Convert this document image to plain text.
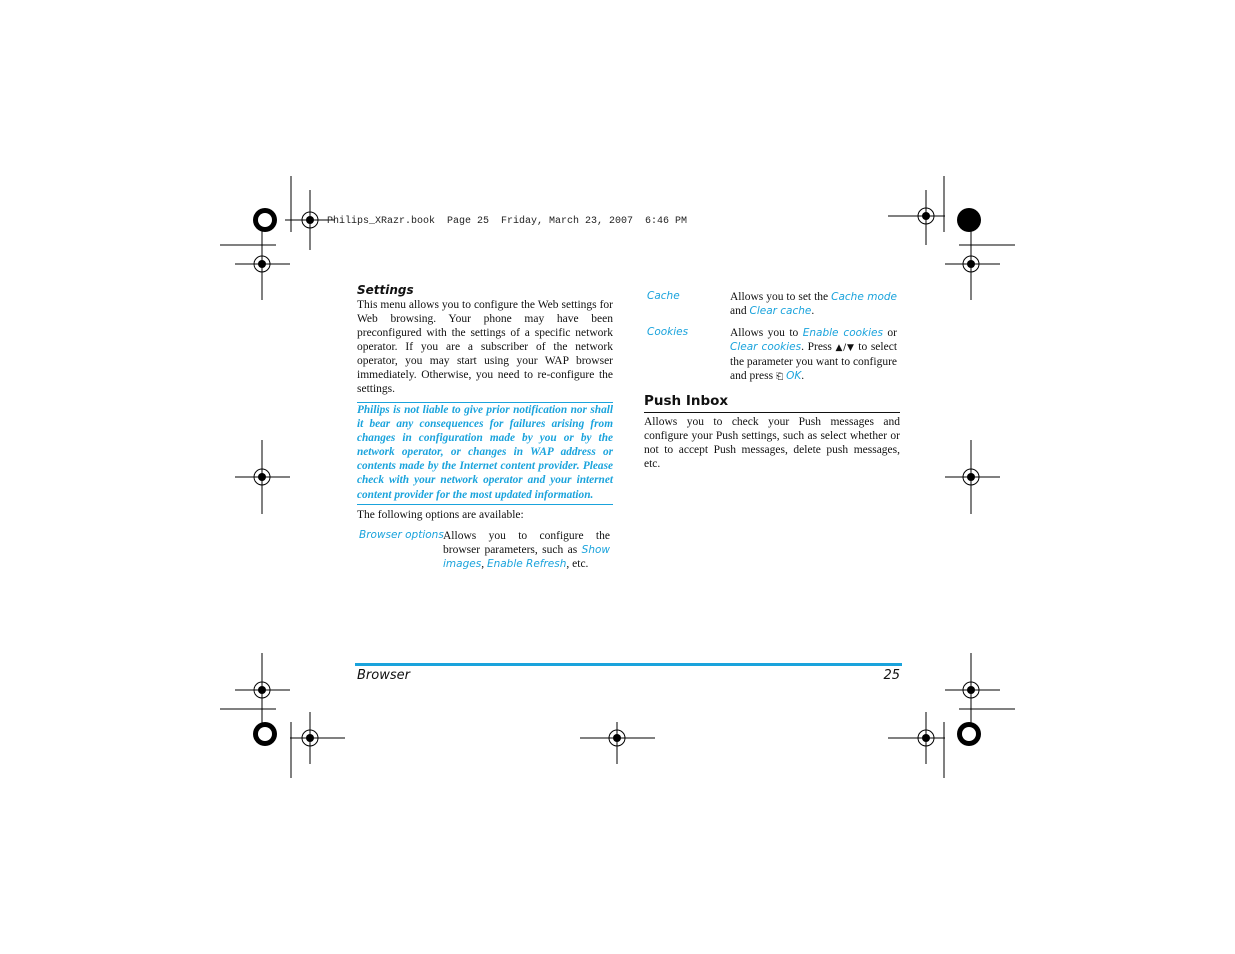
Philips_XRazr.book  Page 25  Friday, March 23, 2007  6:46 PM
Settings
This menu allows you to configure the Web settings for Web browsing. Your phone may have been preconfigured with the settings of a specific network operator. If you are a subscriber of the network operator, you may start using your WAP browser immediately. Otherwise, you need to re-configure the settings.
Philips is not liable to give prior notification nor shall it bear any consequences for failures arising from changes in configuration made by you or by the network operator, or changes in WAP address or contents made by the Internet content provider. Please check with your network operator and your internet content provider for the most updated information.
The following options are available:
Browser options Allows you to configure the browser parameters, such as Show images, Enable Refresh, etc.
Cache	Allows you to set the Cache mode and Clear cache.
Cookies	Allows you to Enable cookies or Clear cookies. Press ▲/▼ to select the parameter you want to configure and press ⎗ OK.
Push Inbox
Allows you to check your Push messages and configure your Push settings, such as select whether or not to accept Push messages, delete push messages, etc.
Browser	25
